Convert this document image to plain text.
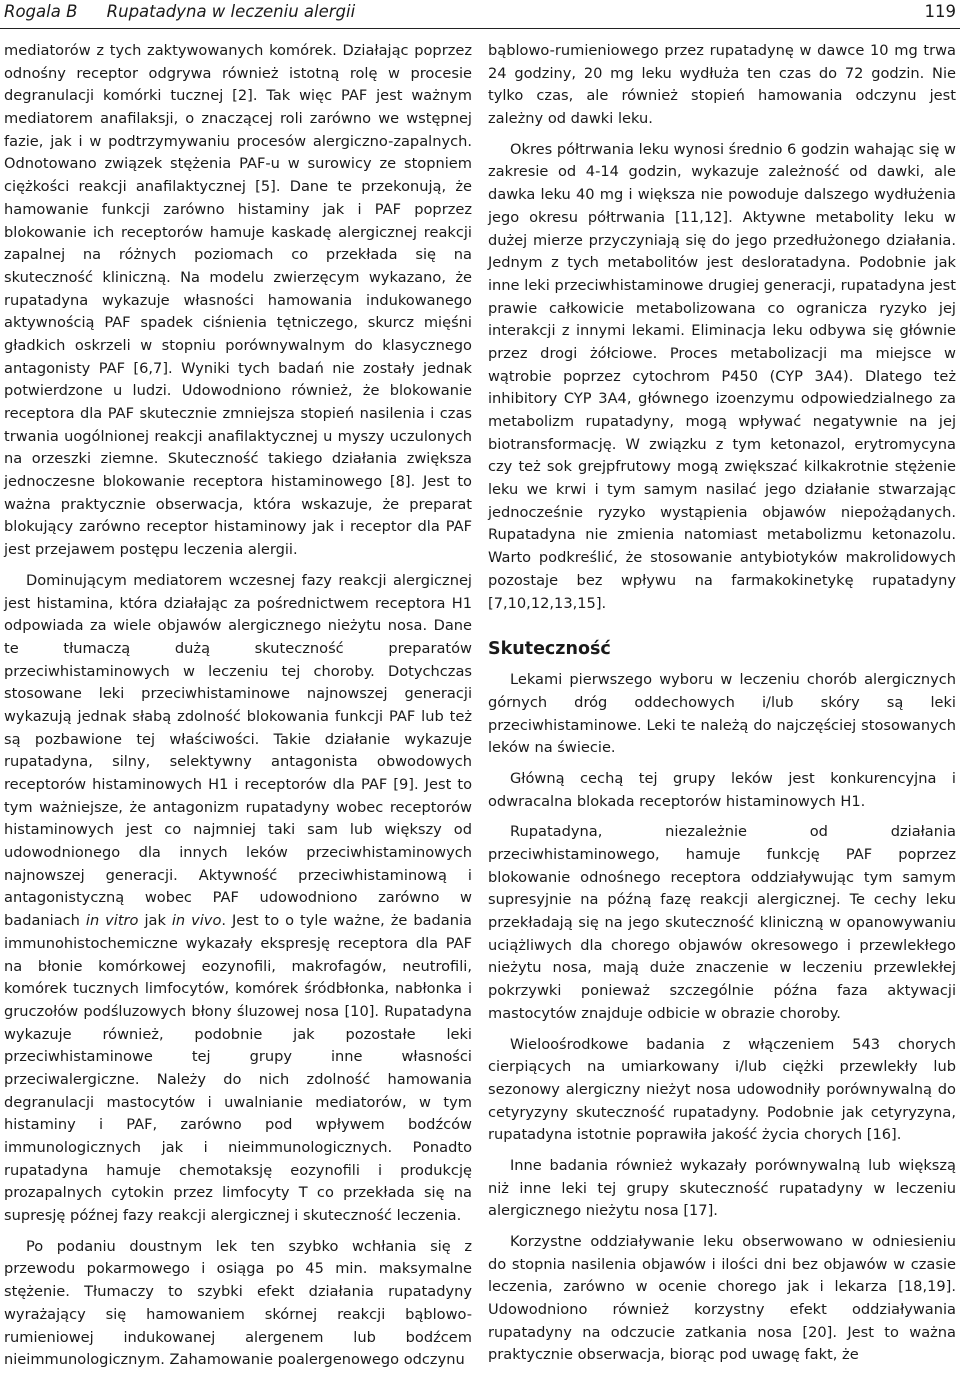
Rogala B Rupatadyna w leczeniu alergii	119

mediatorów z tych zaktywowanych komórek. Działając poprzez odnośny receptor odgrywa również istotną rolę w procesie degranulacji komórki tucznej [2]. Tak więc PAF jest ważnym mediatorem anafilaksji, o znaczącej roli zarówno we wstępnej fazie, jak i w podtrzymywaniu procesów alergiczno-zapalnych. Odnotowano związek stężenia PAF-u w surowicy ze stopniem ciężkości reakcji anafilaktycznej [5]. Dane te przekonują, że hamowanie funkcji zarówno histaminy jak i PAF poprzez blokowanie ich receptorów hamuje kaskadę alergicznej reakcji zapalnej na różnych poziomach co przekłada się na skuteczność kliniczną. Na modelu zwierzęcym wykazano, że rupatadyna wykazuje własności hamowania indukowanego aktywnością PAF spadek ciśnienia tętniczego, skurcz mięśni gładkich oskrzeli w stopniu porównywalnym do klasycznego antagonisty PAF [6,7]. Wyniki tych badań nie zostały jednak potwierdzone u ludzi. Udowodniono również, że blokowanie receptora dla PAF skutecznie zmniejsza stopień nasilenia i czas trwania uogólnionej reakcji anafilaktycznej u myszy uczulonych na orzeszki ziemne. Skuteczność takiego działania zwiększa jednoczesne blokowanie receptora histaminowego [8]. Jest to ważna praktycznie obserwacja, która wskazuje, że preparat blokujący zarówno receptor histaminowy jak i receptor dla PAF jest przejawem postępu leczenia alergii.

Dominującym mediatorem wczesnej fazy reakcji alergicznej jest histamina, która działając za pośrednictwem receptora H1 odpowiada za wiele objawów alergicznego nieżytu nosa. Dane te tłumaczą dużą skuteczność preparatów przeciwhistaminowych w leczeniu tej choroby. Dotychczas stosowane leki przeciwhistaminowe najnowszej generacji wykazują jednak słabą zdolność blokowania funkcji PAF lub też są pozbawione tej właściwości. Takie działanie wykazuje rupatadyna, silny, selektywny antagonista obwodowych receptorów histaminowych H1 i receptorów dla PAF [9]. Jest to tym ważniejsze, że antagonizm rupatadyny wobec receptorów histaminowych jest co najmniej taki sam lub większy od udowodnionego dla innych leków przeciwhistaminowych najnowszej generacji. Aktywność przeciwhistaminową i antagonistyczną wobec PAF udowodniono zarówno w badaniach in vitro jak in vivo. Jest to o tyle ważne, że badania immunohistochemiczne wykazały ekspresję receptora dla PAF na błonie komórkowej eozynofili, makrofagów, neutrofili, komórek tucznych limfocytów, komórek śródbłonka, nabłonka i gruczołów podśluzowych błony śluzowej nosa [10]. Rupatadyna wykazuje również, podobnie jak pozostałe leki przeciwhistaminowe tej grupy inne własności przeciwalergiczne. Należy do nich zdolność hamowania degranulacji mastocytów i uwalnianie mediatorów, w tym histaminy i PAF, zarówno pod wpływem bodźców immunologicznych jak i nieimmunologicznych. Ponadto rupatadyna hamuje chemotaksję eozynofili i produkcję prozapalnych cytokin przez limfocyty T co przekłada się na supresję późnej fazy reakcji alergicznej i skuteczność leczenia.

Po podaniu doustnym lek ten szybko wchłania się z przewodu pokarmowego i osiąga po 45 min. maksymalne stężenie. Tłumaczy to szybki efekt działania rupatadyny wyrażający się hamowaniem skórnej reakcji bąblowo-rumieniowej indukowanej alergenem lub bodźcem nieimmunologicznym. Zahamowanie poalergenowego odczynu

bąblowo-rumieniowego przez rupatadynę w dawce 10 mg trwa 24 godziny, 20 mg leku wydłuża ten czas do 72 godzin. Nie tylko czas, ale również stopień hamowania odczynu jest zależny od dawki leku.

Okres półtrwania leku wynosi średnio 6 godzin wahając się w zakresie od 4-14 godzin, wykazuje zależność od dawki, ale dawka leku 40 mg i większa nie powoduje dalszego wydłużenia jego okresu półtrwania [11,12]. Aktywne metabolity leku w dużej mierze przyczyniają się do jego przedłużonego działania. Jednym z tych metabolitów jest desloratadyna. Podobnie jak inne leki przeciwhistaminowe drugiej generacji, rupatadyna jest prawie całkowicie metabolizowana co ogranicza ryzyko jej interakcji z innymi lekami. Eliminacja leku odbywa się głównie przez drogi żółciowe. Proces metabolizacji ma miejsce w wątrobie poprzez cytochrom P450 (CYP 3A4). Dlatego też inhibitory CYP 3A4, głównego izoenzymu odpowiedzialnego za metabolizm rupatadyny, mogą wpływać negatywnie na jej biotransformację. W związku z tym ketonazol, erytromycyna czy też sok grejpfrutowy mogą zwiększać kilkakrotnie stężenie leku we krwi i tym samym nasilać jego działanie stwarzając jednocześnie ryzyko wystąpienia objawów niepożądanych. Rupatadyna nie zmienia natomiast metabolizmu ketonazolu. Warto podkreślić, że stosowanie antybiotyków makrolidowych pozostaje bez wpływu na farmakokinetykę rupatadyny [7,10,12,13,15].

Skuteczność

Lekami pierwszego wyboru w leczeniu chorób alergicznych górnych dróg oddechowych i/lub skóry są leki przeciwhistaminowe. Leki te należą do najczęściej stosowanych leków na świecie.

Główną cechą tej grupy leków jest konkurencyjna i odwracalna blokada receptorów histaminowych H1.

Rupatadyna, niezależnie od działania przeciwhistaminowego, hamuje funkcję PAF poprzez blokowanie odnośnego receptora oddziaływując tym samym supresyjnie na późną fazę reakcji alergicznej. Te cechy leku przekładają się na jego skuteczność kliniczną w opanowywaniu uciążliwych dla chorego objawów okresowego i przewlekłego nieżytu nosa, mają duże znaczenie w leczeniu przewlekłej pokrzywki ponieważ szczególnie późna faza aktywacji mastocytów znajduje odbicie w obrazie choroby.

Wieloośrodkowe badania z włączeniem 543 chorych cierpiących na umiarkowany i/lub ciężki przewlekły lub sezonowy alergiczny nieżyt nosa udowodniły porównywalną do cetyryzyny skuteczność rupatadyny. Podobnie jak cetyryzyna, rupatadyna istotnie poprawiła jakość życia chorych [16].

Inne badania również wykazały porównywalną lub większą niż inne leki tej grupy skuteczność rupatadyny w leczeniu alergicznego nieżytu nosa [17].

Korzystne oddziaływanie leku obserwowano w odniesieniu do stopnia nasilenia objawów i ilości dni bez objawów w czasie leczenia, zarówno w ocenie chorego jak i lekarza [18,19]. Udowodniono również korzystny efekt oddziaływania rupatadyny na odczucie zatkania nosa [20]. Jest to ważna praktycznie obserwacja, biorąc pod uwagę fakt, że
